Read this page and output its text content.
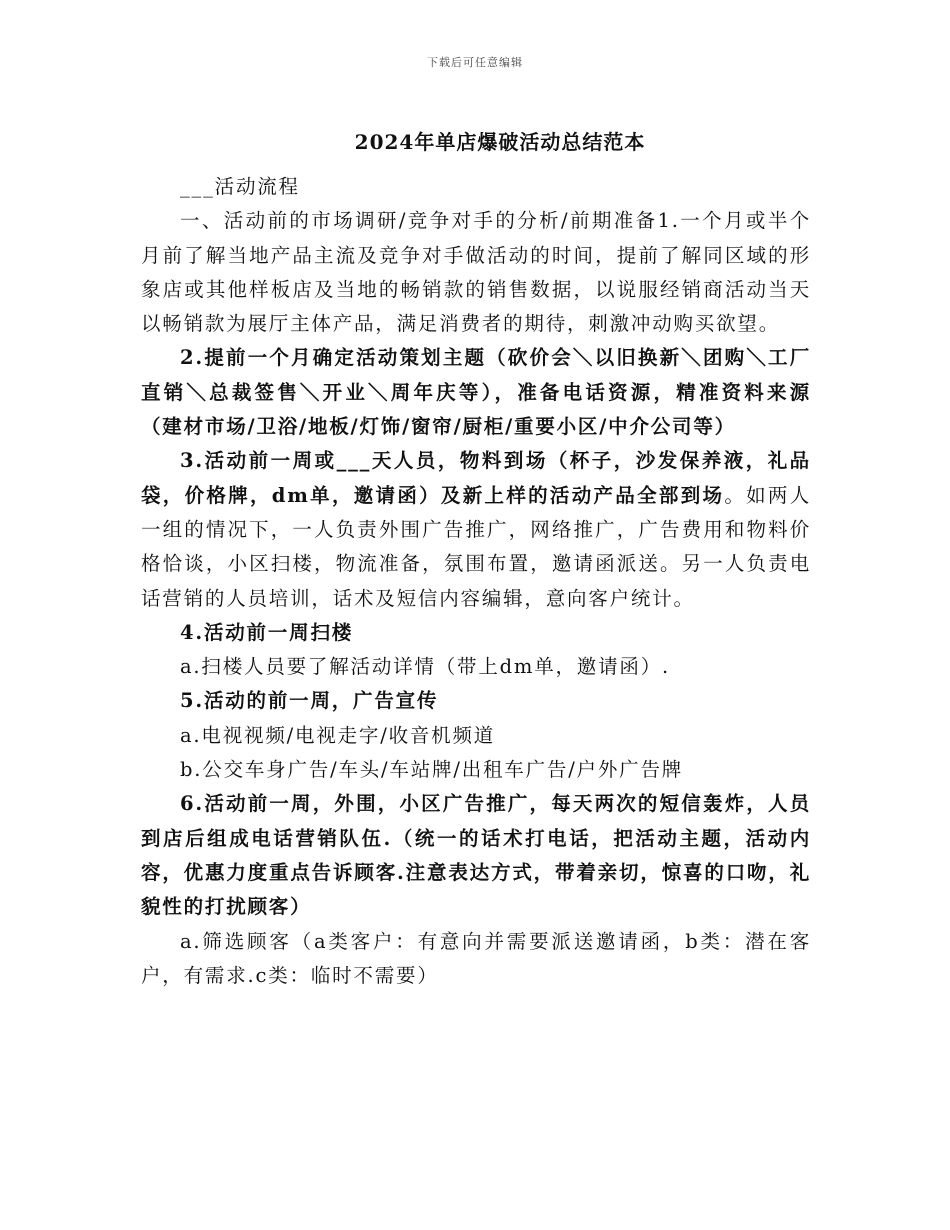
下载后可任意编辑
2024年单店爆破活动总结范本

___活动流程

一、活动前的市场调研/竞争对手的分析/前期准备1.一个月或半个月前了解当地产品主流及竞争对手做活动的时间，提前了解同区域的形象店或其他样板店及当地的畅销款的销售数据，以说服经销商活动当天以畅销款为展厅主体产品，满足消费者的期待，刺激冲动购买欲望。

2.提前一个月确定活动策划主题（砍价会＼以旧换新＼团购＼工厂直销＼总裁签售＼开业＼周年庆等），准备电话资源，精准资料来源（建材市场/卫浴/地板/灯饰/窗帘/厨柜/重要小区/中介公司等）

3.活动前一周或___天人员，物料到场（杯子，沙发保养液，礼品袋，价格牌，dm单，邀请函）及新上样的活动产品全部到场。如两人一组的情况下，一人负责外围广告推广，网络推广，广告费用和物料价格恰谈，小区扫楼，物流准备，氛围布置，邀请函派送。另一人负责电话营销的人员培训，话术及短信内容编辑，意向客户统计。

4.活动前一周扫楼

a.扫楼人员要了解活动详情（带上dm单，邀请函）.

5.活动的前一周，广告宣传

a.电视视频/电视走字/收音机频道

b.公交车身广告/车头/车站牌/出租车广告/户外广告牌

6.活动前一周，外围，小区广告推广，每天两次的短信轰炸，人员到店后组成电话营销队伍.（统一的话术打电话，把活动主题，活动内容，优惠力度重点告诉顾客.注意表达方式，带着亲切，惊喜的口吻，礼貌性的打扰顾客）

a.筛选顾客（a类客户：有意向并需要派送邀请函，b类：潜在客户，有需求.c类：临时不需要）
